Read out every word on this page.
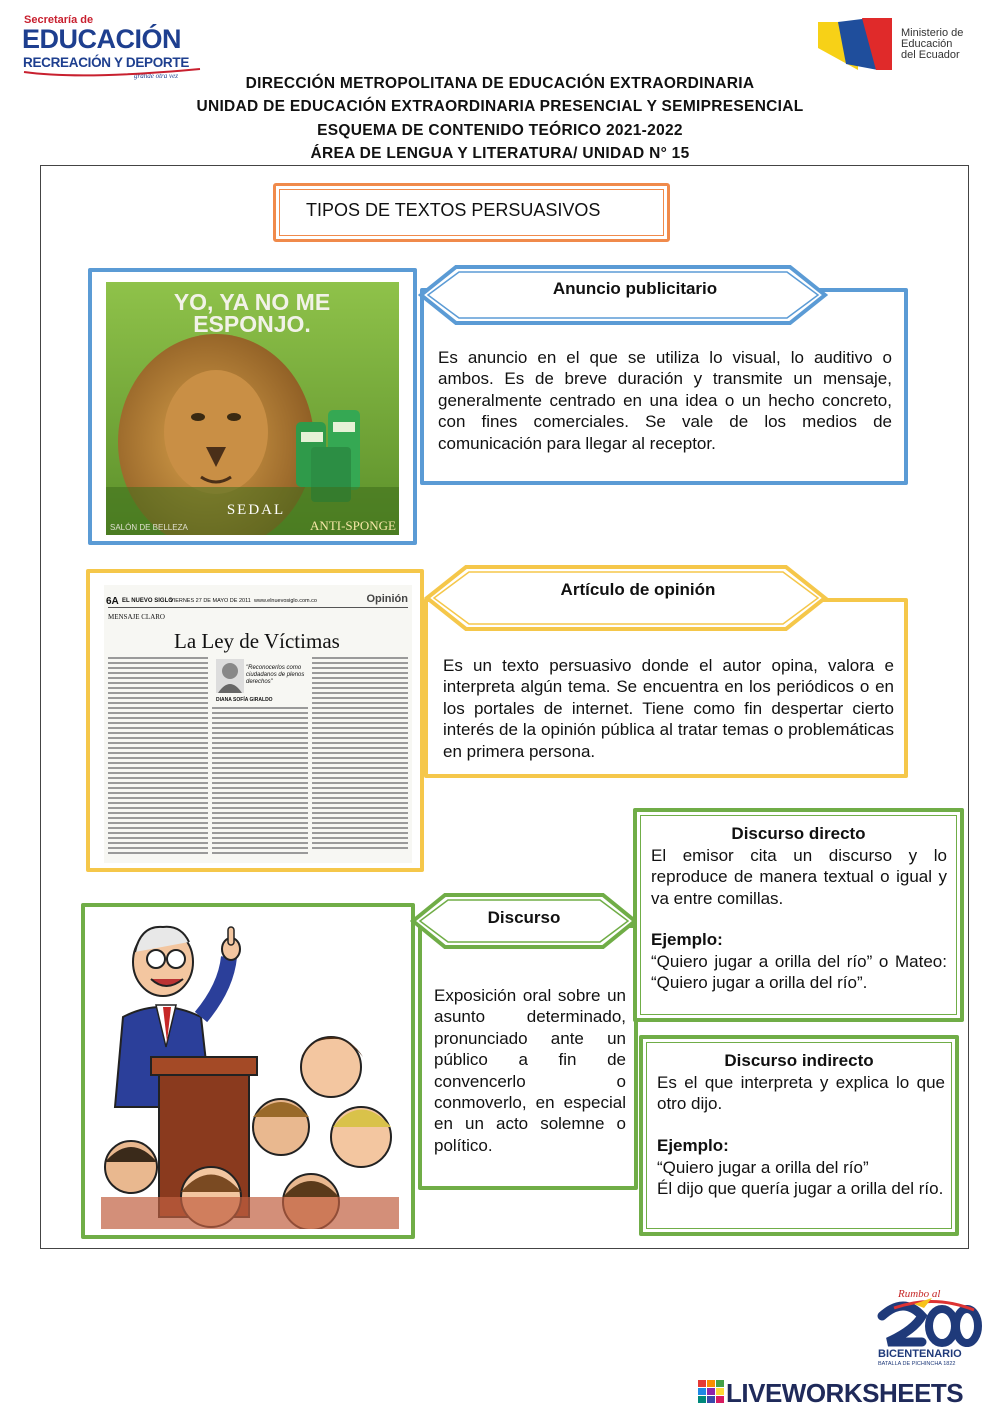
Secretaría de
EDUCACIÓN
RECREACIÓN Y DEPORTE
grande otra vez
Ministerio de
Educación
del Ecuador
DIRECCIÓN METROPOLITANA DE EDUCACIÓN EXTRAORDINARIA
UNIDAD DE EDUCACIÓN EXTRAORDINARIA PRESENCIAL Y SEMIPRESENCIAL
ESQUEMA DE CONTENIDO TEÓRICO 2021-2022
ÁREA DE LENGUA Y LITERATURA/ UNIDAD N° 15
TIPOS DE TEXTOS PERSUASIVOS
YO, YA NO ME
ESPONJO.
SEDAL
SALÓN DE BELLEZA	ANTI-SPONGE
Es anuncio en el que se utiliza lo visual, lo auditivo o ambos. Es de breve duración y transmite un mensaje, generalmente centrado en una idea o un hecho concreto, con fines comerciales. Se vale de los medios de comunicación para llegar al receptor.
Anuncio publicitario
6A EL NUEVO SIGLO
VIERNES 27 DE MAYO DE 2011 www.elnuevosiglo.com.co	Opinión
MENSAJE CLARO
La Ley de Víctimas
"Reconocerlos como ciudadanos de plenos derechos"
DIANA SOFÍA GIRALDO
Es un texto persuasivo donde el autor opina, valora e interpreta algún tema. Se encuentra en los periódicos o en los portales de internet. Tiene como fin despertar cierto interés de la opinión pública al tratar temas o problemáticas en primera persona.
Artículo de opinión
Exposición oral sobre un asunto determinado, pronunciado ante un público a fin de convencerlo o conmoverlo, en especial en un acto solemne o político.
Discurso
Discurso directo
El emisor cita un discurso y lo reproduce de manera textual o igual y va entre comillas.
Ejemplo:
“Quiero jugar a orilla del río” o Mateo: “Quiero jugar a orilla del río”.
Discurso indirecto
Es el que interpreta y explica lo que otro dijo.
Ejemplo:
“Quiero jugar a orilla del río”
Él dijo que quería jugar a orilla del río.
Rumbo al
BICENTENARIO
BATALLA DE PICHINCHA 1822
LIVEWORKSHEETS
